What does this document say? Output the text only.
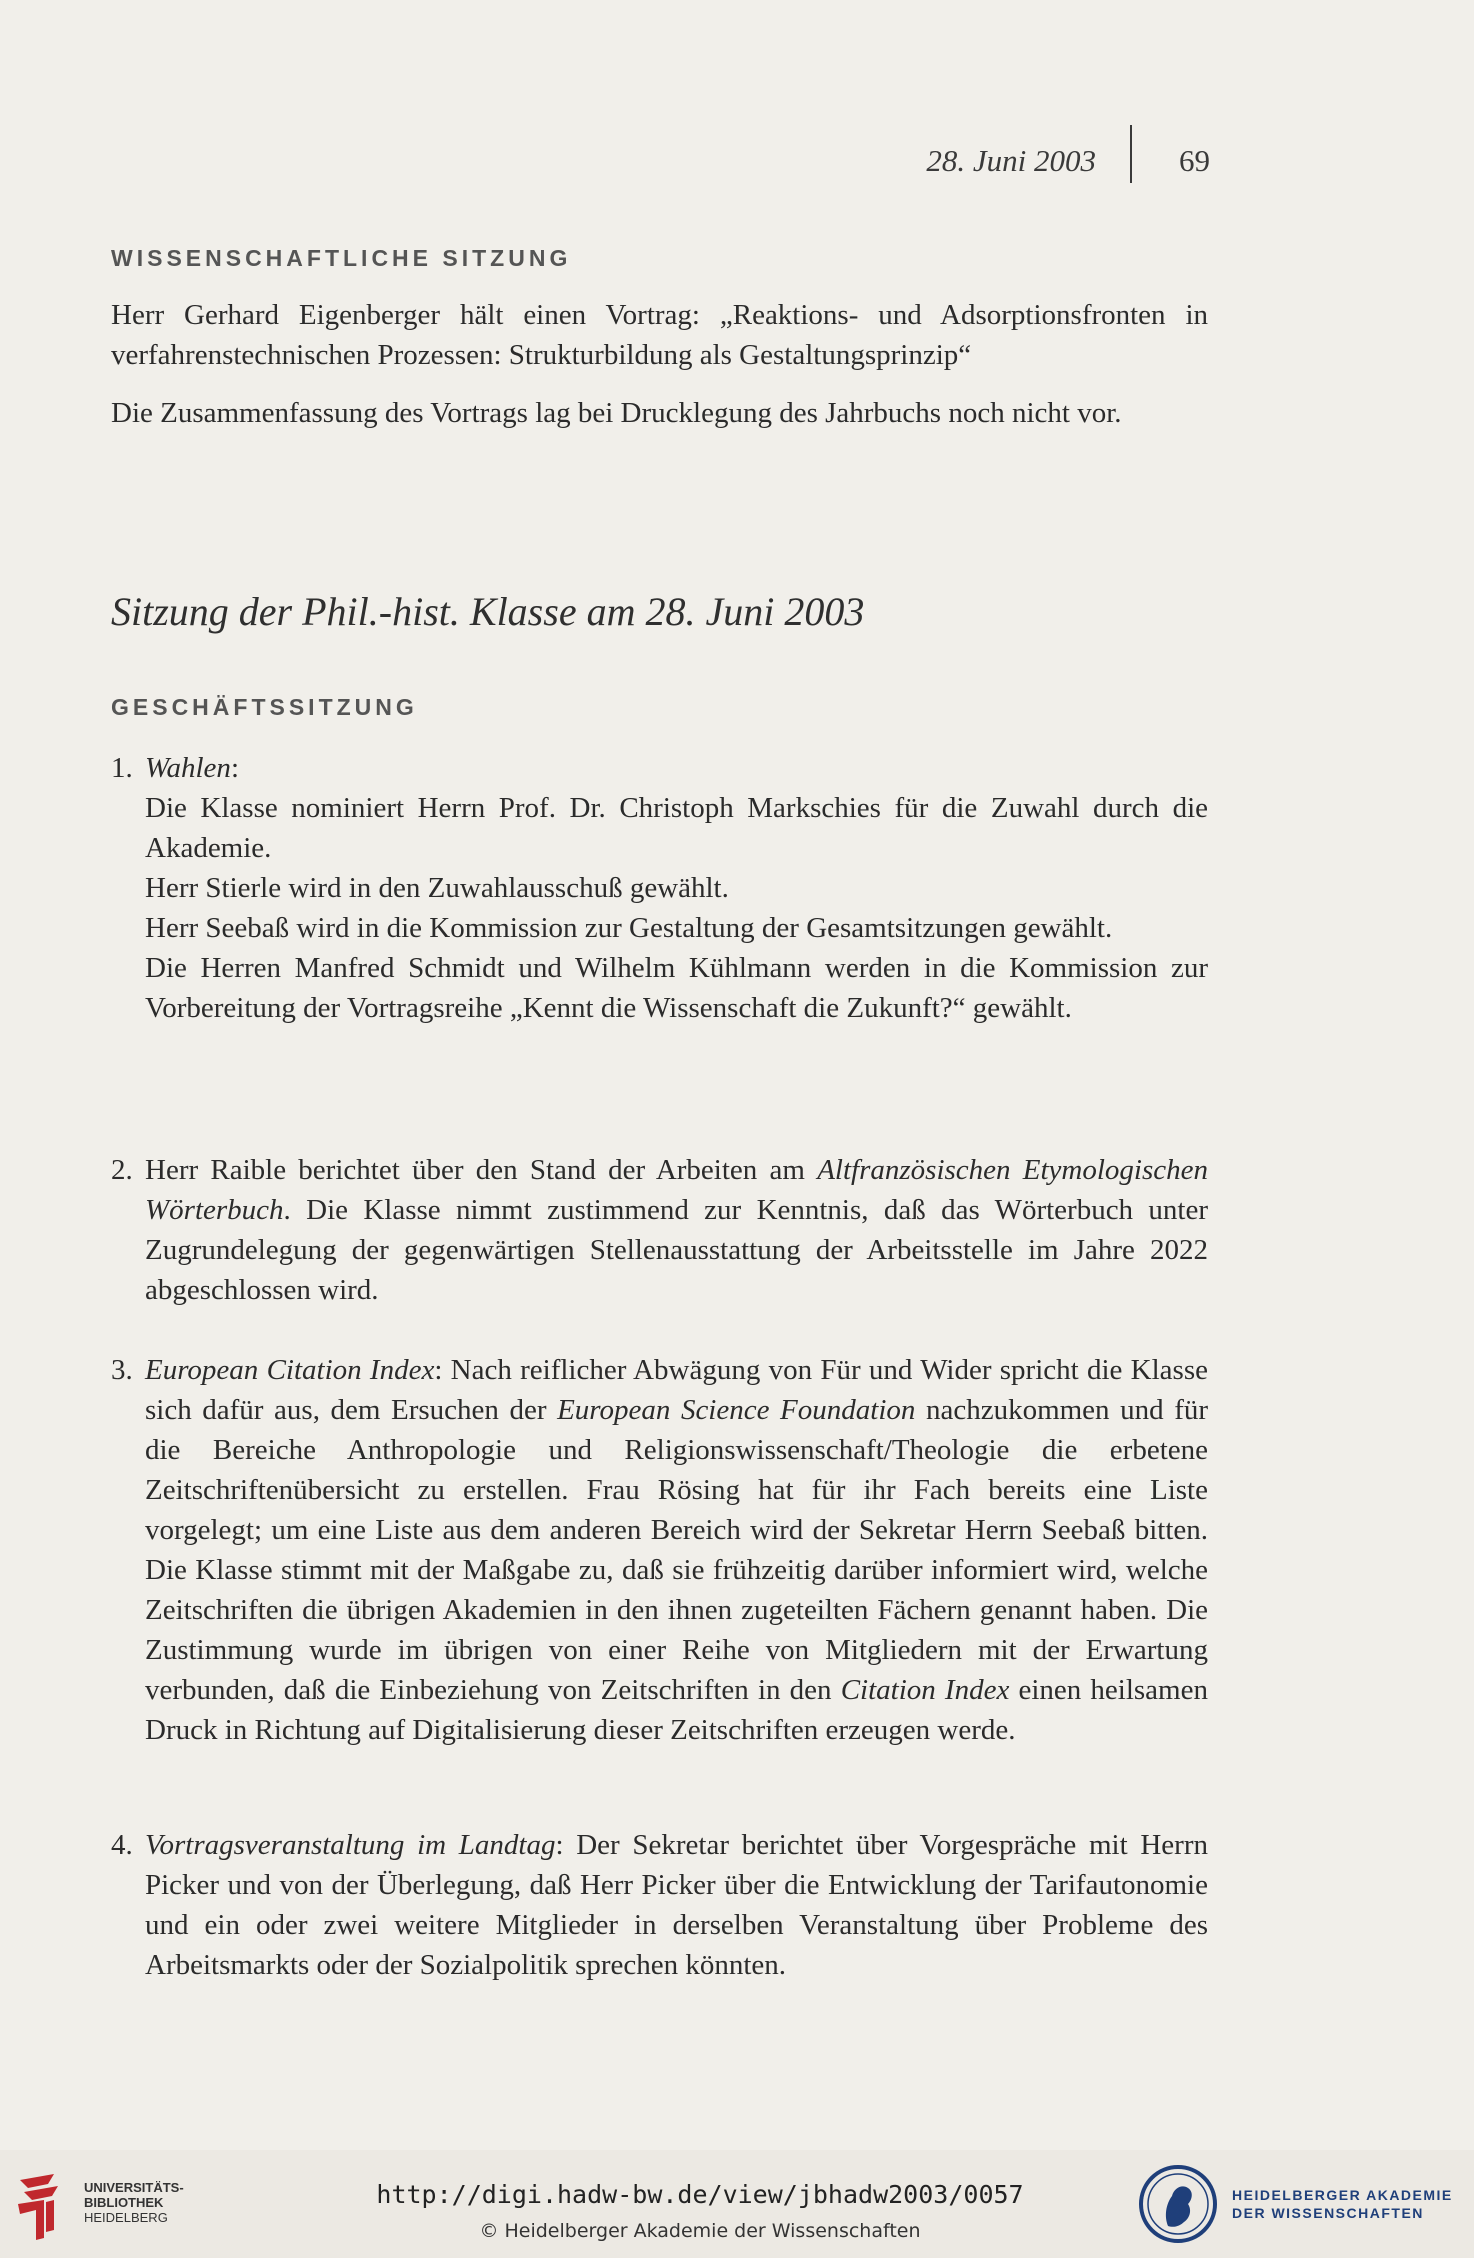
28. Juni 2003	69
WISSENSCHAFTLICHE SITZUNG
Herr Gerhard Eigenberger hält einen Vortrag: „Reaktions- und Adsorptionsfronten in verfahrenstechnischen Prozessen: Strukturbildung als Gestaltungsprinzip“
Die Zusammenfassung des Vortrags lag bei Drucklegung des Jahrbuchs noch nicht vor.
Sitzung der Phil.-hist. Klasse am 28. Juni 2003
GESCHÄFTSSITZUNG
1. Wahlen:

Die Klasse nominiert Herrn Prof. Dr. Christoph Markschies für die Zuwahl durch die Akademie.

Herr Stierle wird in den Zuwahlausschuß gewählt.

Herr Seebaß wird in die Kommission zur Gestaltung der Gesamtsitzungen gewählt.

Die Herren Manfred Schmidt und Wilhelm Kühlmann werden in die Kommission zur Vorbereitung der Vortragsreihe „Kennt die Wissenschaft die Zukunft?“ gewählt.

2. Herr Raible berichtet über den Stand der Arbeiten am Altfranzösischen Etymologischen Wörterbuch. Die Klasse nimmt zustimmend zur Kenntnis, daß das Wörterbuch unter Zugrundelegung der gegenwärtigen Stellenausstattung der Arbeitsstelle im Jahre 2022 abgeschlossen wird.

3. European Citation Index: Nach reiflicher Abwägung von Für und Wider spricht die Klasse sich dafür aus, dem Ersuchen der European Science Foundation nachzukommen und für die Bereiche Anthropologie und Religionswissenschaft/Theologie die erbetene Zeitschriftenübersicht zu erstellen. Frau Rösing hat für ihr Fach bereits eine Liste vorgelegt; um eine Liste aus dem anderen Bereich wird der Sekretar Herrn Seebaß bitten. Die Klasse stimmt mit der Maßgabe zu, daß sie frühzeitig darüber informiert wird, welche Zeitschriften die übrigen Akademien in den ihnen zugeteilten Fächern genannt haben. Die Zustimmung wurde im übrigen von einer Reihe von Mitgliedern mit der Erwartung verbunden, daß die Einbeziehung von Zeitschriften in den Citation Index einen heilsamen Druck in Richtung auf Digitalisierung dieser Zeitschriften erzeugen werde.

4. Vortragsveranstaltung im Landtag: Der Sekretar berichtet über Vorgespräche mit Herrn Picker und von der Überlegung, daß Herr Picker über die Entwicklung der Tarifautonomie und ein oder zwei weitere Mitglieder in derselben Veranstaltung über Probleme des Arbeitsmarkts oder der Sozialpolitik sprechen könnten.

UNIVERSITÄTS-
BIBLIOTHEK
HEIDELBERG
http://digi.hadw-bw.de/view/jbhadw2003/0057
© Heidelberger Akademie der Wissenschaften
HEIDELBERGER AKADEMIE
DER WISSENSCHAFTEN
